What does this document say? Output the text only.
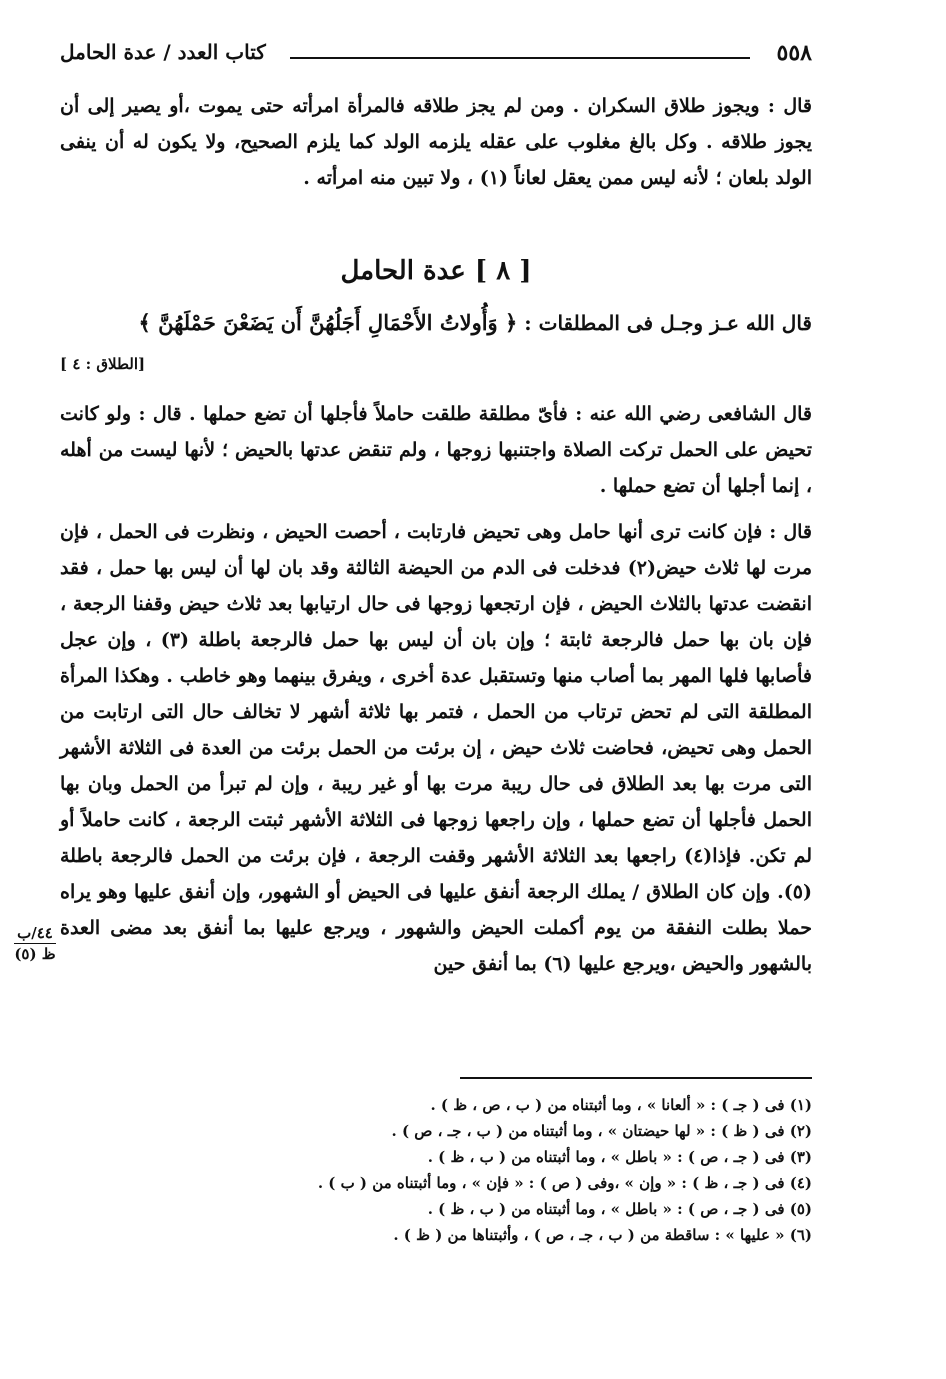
٥٥٨
كتاب العدد / عدة الحامل

قال : ويجوز طلاق السكران . ومن لم يجز طلاقه فالمرأة امرأته حتى يموت ،أو يصير إلى أن يجوز طلاقه . وكل بالغ مغلوب على عقله يلزمه الولد كما يلزم الصحيح، ولا يكون له أن ينفى الولد بلعان ؛ لأنه ليس ممن يعقل لعاناً (١) ، ولا تبين منه امرأته .

[ ٨ ] عدة الحامل
قال الله عـز وجـل فى المطلقات : ﴿ وَأُولاتُ الأَحْمَالِ أَجَلُهُنَّ أَن يَضَعْنَ حَمْلَهُنَّ ﴾
[الطلاق : ٤ ]

قال الشافعى رضي الله عنه : فأىّ مطلقة طلقت حاملاً فأجلها أن تضع حملها . قال : ولو كانت تحيض على الحمل تركت الصلاة واجتنبها زوجها ، ولم تنقض عدتها بالحيض ؛ لأنها ليست من أهله ، إنما أجلها أن تضع حملها .

قال : فإن كانت ترى أنها حامل وهى تحيض فارتابت ، أحصت الحيض ، ونظرت فى الحمل ، فإن مرت لها ثلاث حيض(٢) فدخلت فى الدم من الحيضة الثالثة وقد بان لها أن ليس بها حمل ، فقد انقضت عدتها بالثلاث الحيض ، فإن ارتجعها زوجها فى حال ارتيابها بعد ثلاث حيض وقفنا الرجعة ، فإن بان بها حمل فالرجعة ثابتة ؛ وإن بان أن ليس بها حمل فالرجعة باطلة (٣) ، وإن عجل فأصابها فلها المهر بما أصاب منها وتستقبل عدة أخرى ، ويفرق بينهما وهو خاطب . وهكذا المرأة المطلقة التى لم تحض ترتاب من الحمل ، فتمر بها ثلاثة أشهر لا تخالف حال التى ارتابت من الحمل وهى تحيض، فحاضت ثلاث حيض ، إن برئت من الحمل برئت من العدة فى الثلاثة الأشهر التى مرت بها بعد الطلاق فى حال ريبة مرت بها أو غير ريبة ، وإن لم تبرأ من الحمل وبان بها الحمل فأجلها أن تضع حملها ، وإن راجعها زوجها فى الثلاثة الأشهر ثبتت الرجعة ، كانت حاملاً أو لم تكن. فإذا(٤) راجعها بعد الثلاثة الأشهر وقفت الرجعة ، فإن برئت من الحمل فالرجعة باطلة (٥). وإن كان الطلاق / يملك الرجعة أنفق عليها فى الحيض أو الشهور، وإن أنفق عليها وهو يراه حملا بطلت النفقة من يوم أكملت الحيض والشهور ، ويرجع عليها بما أنفق بعد مضى العدة بالشهور والحيض ،ويرجع عليها (٦) بما أنفق حين

٤٤/ب
ظ (٥)
(١) فى ( جـ ) : « ألعانا » ، وما أثبتناه من ( ب ، ص ، ظ ) .
(٢) فى ( ظ ) : « لها حيضتان » ، وما أثبتناه من ( ب ، جـ ، ص ) .
(٣) فى ( جـ ، ص ) : « باطل » ، وما أثبتناه من ( ب ، ظ ) .
(٤) فى ( جـ ، ظ ) : « وإن » ،وفى ( ص ) : « فإن » ، وما أثبتناه من ( ب ) .
(٥) فى ( جـ ، ص ) : « باطل » ، وما أثبتناه من ( ب ، ظ ) .
(٦) « عليها » : ساقطة من ( ب ، جـ ، ص ) ، وأثبتناها من ( ظ ) .
